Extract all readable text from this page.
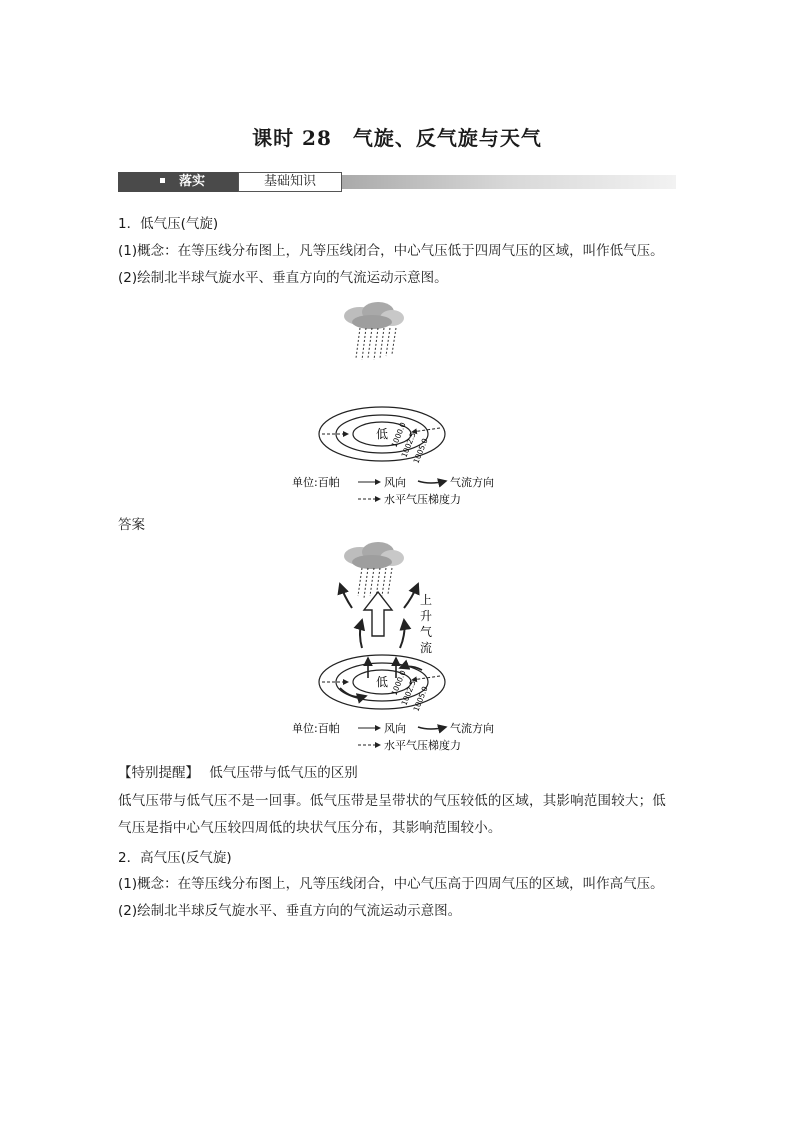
课时 28　气旋、反气旋与天气
落实	基础知识
1．低气压(气旋)
(1)概念：在等压线分布图上，凡等压线闭合，中心气压低于四周气压的区域，叫作低气压。
(2)绘制北半球气旋水平、垂直方向的气流运动示意图。
低 1000.0
1002.5
1005.0
单位:百帕	风向	气流方向
水平气压梯度力
答案
上
升
气
流
低 1000.0
1002.5
1005.0
单位:百帕	风向	气流方向
水平气压梯度力
【特别提醒】 低气压带与低气压的区别
低气压带与低气压不是一回事。低气压带是呈带状的气压较低的区域，其影响范围较大；低气压是指中心气压较四周低的块状气压分布，其影响范围较小。
2．高气压(反气旋)
(1)概念：在等压线分布图上，凡等压线闭合，中心气压高于四周气压的区域，叫作高气压。
(2)绘制北半球反气旋水平、垂直方向的气流运动示意图。
